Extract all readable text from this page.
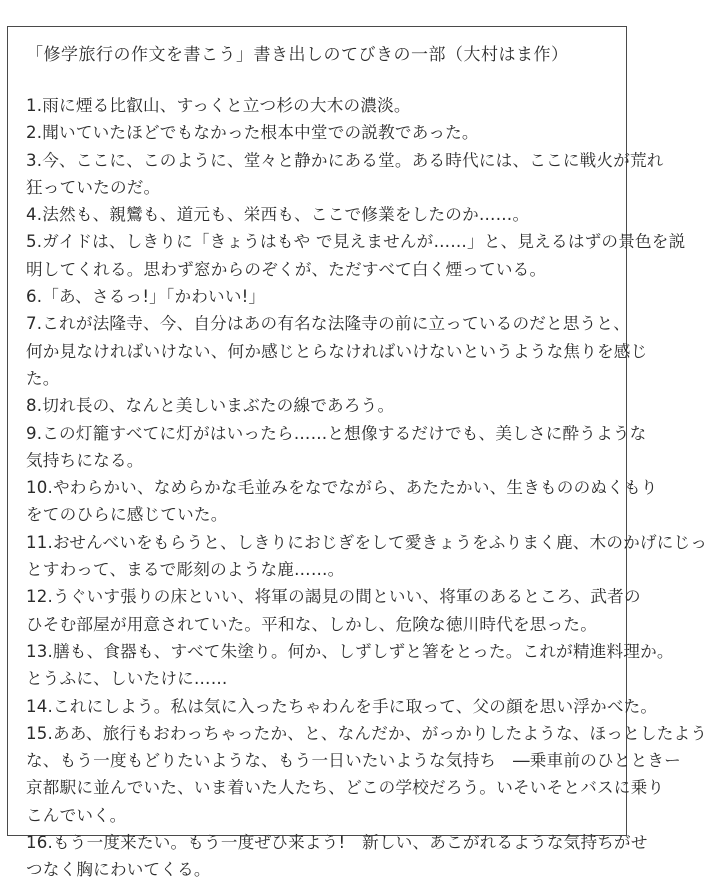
「修学旅行の作文を書こう」書き出しのてびきの一部（大村はま作）
1.雨に煙る比叡山、すっくと立つ杉の大木の濃淡。
2.聞いていたほどでもなかった根本中堂での説教であった。
3.今、ここに、このように、堂々と静かにある堂。ある時代には、ここに戦火が荒れ
狂っていたのだ。
4.法然も、親鸞も、道元も、栄西も、ここで修業をしたのか……。
5.ガイドは、しきりに「きょうはもや で見えませんが……」と、見えるはずの景色を説
明してくれる。思わず窓からのぞくが、ただすべて白く煙っている。
6.「あ、さるっ!」「かわいい!」
7.これが法隆寺、今、自分はあの有名な法隆寺の前に立っているのだと思うと、
何か見なければいけない、何か感じとらなければいけないというような焦りを感じ
た。
8.切れ長の、なんと美しいまぶたの線であろう。
9.この灯籠すべてに灯がはいったら……と想像するだけでも、美しさに酔うような
気持ちになる。
10.やわらかい、なめらかな毛並みをなでながら、あたたかい、生きもののぬくもり
をてのひらに感じていた。
11.おせんべいをもらうと、しきりにおじぎをして愛きょうをふりまく鹿、木のかげにじっ
とすわって、まるで彫刻のような鹿……。
12.うぐいす張りの床といい、将軍の謁見の間といい、将軍のあるところ、武者の
ひそむ部屋が用意されていた。平和な、しかし、危険な徳川時代を思った。
13.膳も、食器も、すべて朱塗り。何か、しずしずと箸をとった。これが精進料理か。
とうふに、しいたけに……
14.これにしよう。私は気に入ったちゃわんを手に取って、父の顔を思い浮かべた。
15.ああ、旅行もおわっちゃったか、と、なんだか、がっかりしたような、ほっとしたよう
な、もう一度もどりたいような、もう一日いたいような気持ち　―乗車前のひとときー
京都駅に並んでいた、いま着いた人たち、どこの学校だろう。いそいそとバスに乗り
こんでいく。
16.もう一度来たい。もう一度ぜひ来よう!　新しい、あこがれるような気持ちがせ
つなく胸にわいてくる。
